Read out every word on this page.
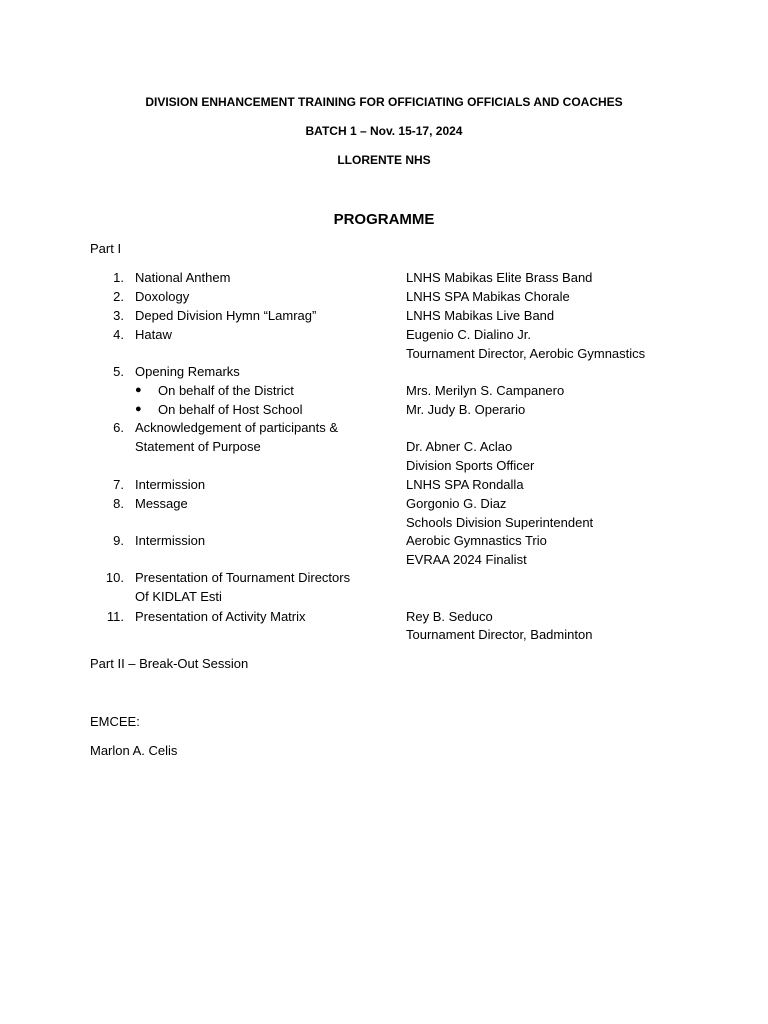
DIVISION ENHANCEMENT TRAINING FOR OFFICIATING OFFICIALS AND COACHES
BATCH 1 – Nov. 15-17, 2024
LLORENTE NHS
PROGRAMME
Part I
1. National Anthem	LNHS Mabikas Elite Brass Band
2. Doxology	LNHS SPA Mabikas Chorale
3. Deped Division Hymn “Lamrag”	LNHS Mabikas Live Band
4. Hataw	Eugenio C. Dialino Jr.
Tournament Director, Aerobic Gymnastics
5. Opening Remarks
● On behalf of the District	Mrs. Merilyn S. Campanero
● On behalf of Host School	Mr. Judy B. Operario
6. Acknowledgement of participants &
Statement of Purpose	Dr. Abner C. Aclao
Division Sports Officer
7. Intermission	LNHS SPA Rondalla
8. Message	Gorgonio G. Diaz
Schools Division Superintendent
9. Intermission	Aerobic Gymnastics Trio
EVRAA 2024 Finalist
10. Presentation of Tournament Directors
Of KIDLAT Esti
11. Presentation of Activity Matrix	Rey B. Seduco
Tournament Director, Badminton
Part II – Break-Out Session
EMCEE:
Marlon A. Celis
